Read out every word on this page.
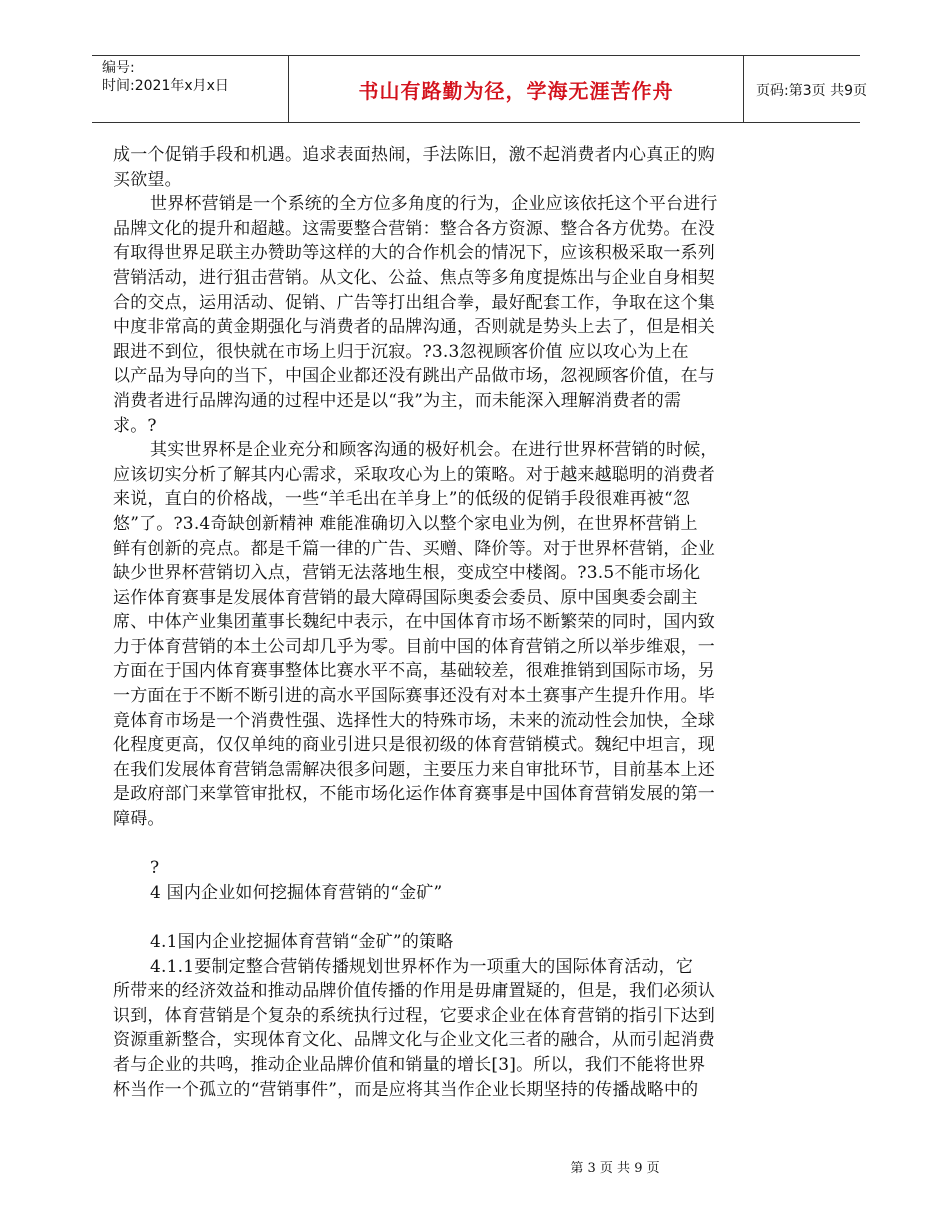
编号:
时间:2021年x月x日	书山有路勤为径，学海无涯苦作舟	页码:第3页 共9页
成一个促销手段和机遇。追求表面热闹，手法陈旧，激不起消费者内心真正的购
买欲望。
世界杯营销是一个系统的全方位多角度的行为，企业应该依托这个平台进行
品牌文化的提升和超越。这需要整合营销：整合各方资源、整合各方优势。在没
有取得世界足联主办赞助等这样的大的合作机会的情况下，应该积极采取一系列
营销活动，进行狙击营销。从文化、公益、焦点等多角度提炼出与企业自身相契
合的交点，运用活动、促销、广告等打出组合拳，最好配套工作，争取在这个集
中度非常高的黄金期强化与消费者的品牌沟通，否则就是势头上去了，但是相关
跟进不到位，很快就在市场上归于沉寂。?3.3忽视顾客价值 应以攻心为上在
以产品为导向的当下，中国企业都还没有跳出产品做市场，忽视顾客价值，在与
消费者进行品牌沟通的过程中还是以“我”为主，而未能深入理解消费者的需
求。?
其实世界杯是企业充分和顾客沟通的极好机会。在进行世界杯营销的时候，
应该切实分析了解其内心需求，采取攻心为上的策略。对于越来越聪明的消费者
来说，直白的价格战，一些“羊毛出在羊身上”的低级的促销手段很难再被“忽
悠”了。?3.4奇缺创新精神 难能准确切入以整个家电业为例，在世界杯营销上
鲜有创新的亮点。都是千篇一律的广告、买赠、降价等。对于世界杯营销，企业
缺少世界杯营销切入点，营销无法落地生根，变成空中楼阁。?3.5不能市场化
运作体育赛事是发展体育营销的最大障碍国际奥委会委员、原中国奥委会副主
席、中体产业集团董事长魏纪中表示，在中国体育市场不断繁荣的同时，国内致
力于体育营销的本土公司却几乎为零。目前中国的体育营销之所以举步维艰，一
方面在于国内体育赛事整体比赛水平不高，基础较差，很难推销到国际市场，另
一方面在于不断不断引进的高水平国际赛事还没有对本土赛事产生提升作用。毕
竟体育市场是一个消费性强、选择性大的特殊市场，未来的流动性会加快，全球
化程度更高，仅仅单纯的商业引进只是很初级的体育营销模式。魏纪中坦言，现
在我们发展体育营销急需解决很多问题，主要压力来自审批环节，目前基本上还
是政府部门来掌管审批权，不能市场化运作体育赛事是中国体育营销发展的第一
障碍。
?
4 国内企业如何挖掘体育营销的“金矿”
4.1国内企业挖掘体育营销“金矿”的策略
4.1.1要制定整合营销传播规划世界杯作为一项重大的国际体育活动，它
所带来的经济效益和推动品牌价值传播的作用是毋庸置疑的，但是，我们必须认
识到，体育营销是个复杂的系统执行过程，它要求企业在体育营销的指引下达到
资源重新整合，实现体育文化、品牌文化与企业文化三者的融合，从而引起消费
者与企业的共鸣，推动企业品牌价值和销量的增长[3]。所以，我们不能将世界
杯当作一个孤立的“营销事件”，而是应将其当作企业长期坚持的传播战略中的
第 3 页 共 9 页
